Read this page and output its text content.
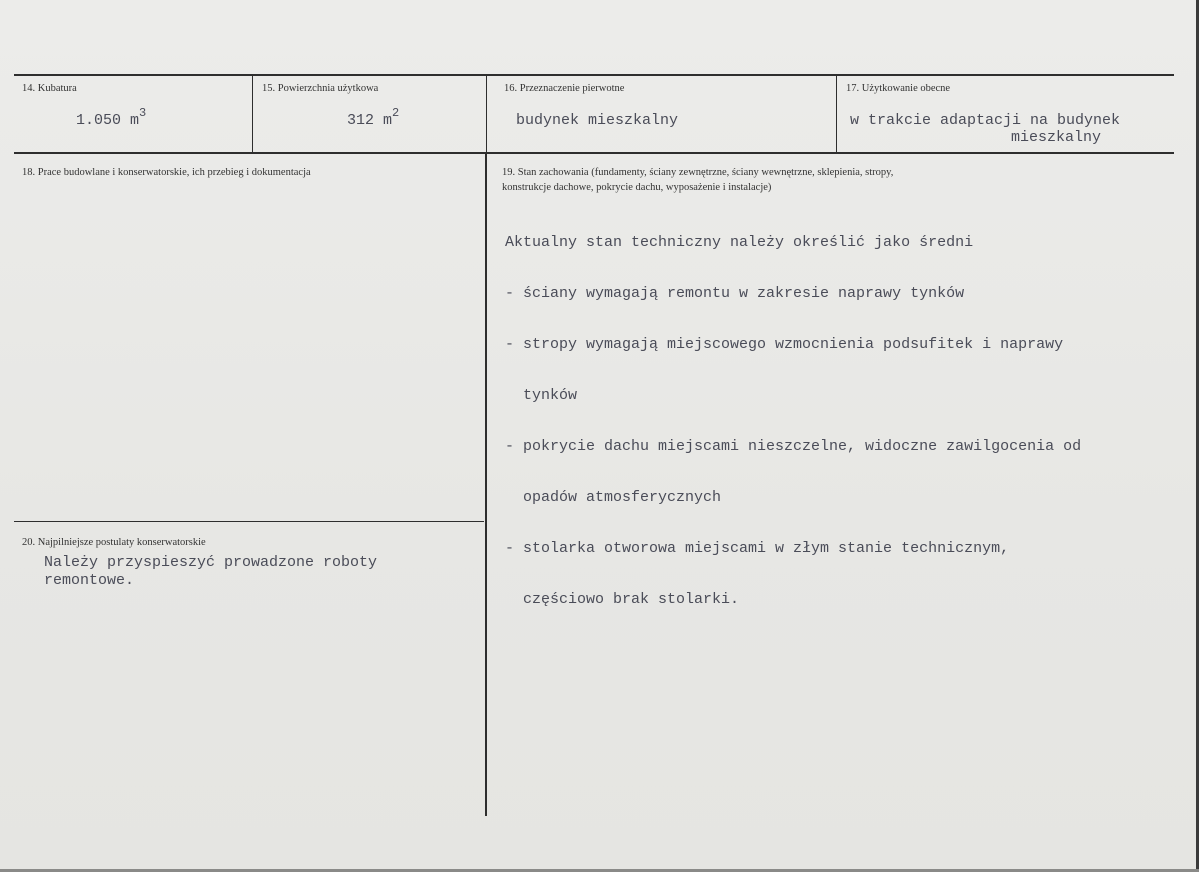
14. Kubatura
1.050 $m^3$
15. Powierzchnia użytkowa
312 $m^2$
16. Przeznaczenie pierwotne
budynek mieszkalny
17. Użytkowanie obecne
w trakcie adaptacji na budynek
mieszkalny
18. Prace budowlane i konserwatorskie, ich przebieg i dokumentacja	19. Stan zachowania (fundamenty, ściany zewnętrzne, ściany wewnętrzne, sklepienia, stropy,
konstrukcje dachowe, pokrycie dachu, wyposażenie i instalacje)

Aktualny stan techniczny należy określić jako średni

- ściany wymagają remontu w zakresie naprawy tynków

- stropy wymagają miejscowego wzmocnienia podsufitek i naprawy

tynków

- pokrycie dachu miejscami nieszczelne, widoczne zawilgocenia od

opadów atmosferycznych

- stolarka otworowa miejscami w złym stanie technicznym,

częściowo brak stolarki.

20. Najpilniejsze postulaty konserwatorskie
Należy przyspieszyć prowadzone roboty
remontowe.
